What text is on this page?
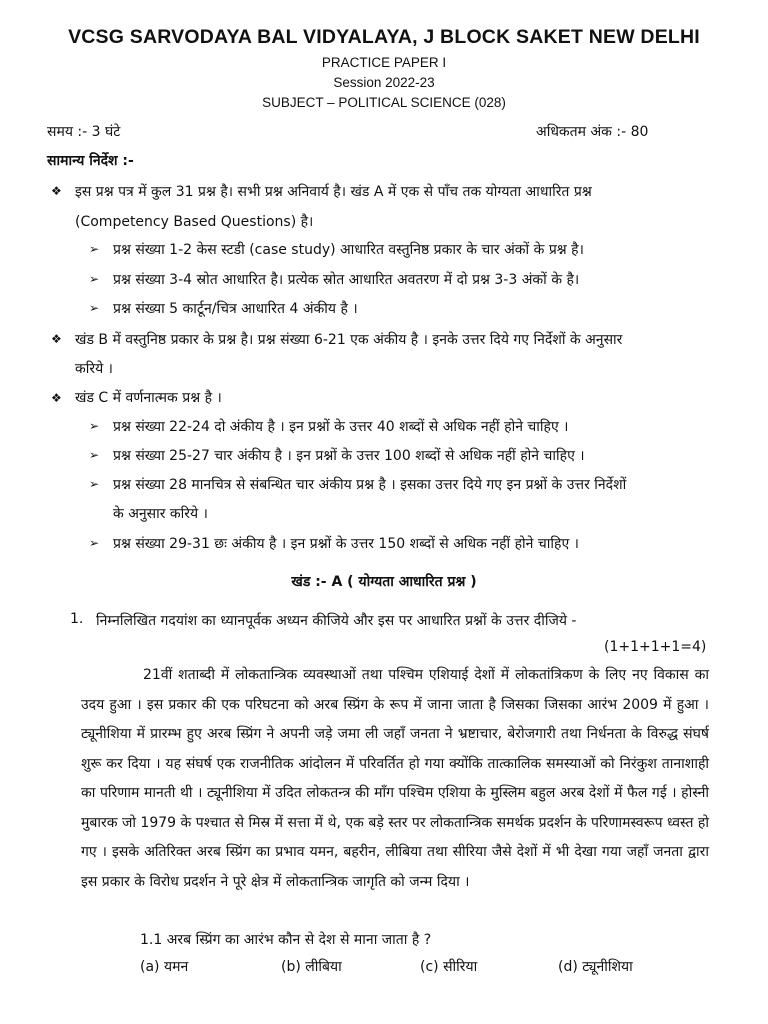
VCSG SARVODAYA BAL VIDYALAYA, J BLOCK SAKET NEW DELHI
PRACTICE PAPER I
Session 2022-23
SUBJECT – POLITICAL SCIENCE (028)
समय :- 3 घंटे	अधिकतम अंक :- 80
सामान्य निर्देश :-
❖ इस प्रश्न पत्र में कुल 31 प्रश्न है। सभी प्रश्न अनिवार्य है। खंड A में एक से पाँच तक योग्यता आधारित प्रश्न
(Competency Based Questions) है।
➢ प्रश्न संख्या 1-2 केस स्टडी (case study) आधारित वस्तुनिष्ठ प्रकार के चार अंकों के प्रश्न है।
➢ प्रश्न संख्या 3-4 स्रोत आधारित है। प्रत्येक स्रोत आधारित अवतरण में दो प्रश्न 3-3 अंकों के है।
➢ प्रश्न संख्या 5 कार्टून/चित्र आधारित 4 अंकीय है ।
❖ खंड B में वस्तुनिष्ठ प्रकार के प्रश्न है। प्रश्न संख्या 6-21 एक अंकीय है । इनके उत्तर दिये गए निर्देशों के अनुसार
करिये ।
❖ खंड C में वर्णनात्मक प्रश्न है ।
➢ प्रश्न संख्या 22-24 दो अंकीय है । इन प्रश्नों के उत्तर 40 शब्दों से अधिक नहीं होने चाहिए ।
➢ प्रश्न संख्या 25-27 चार अंकीय है । इन प्रश्नों के उत्तर 100 शब्दों से अधिक नहीं होने चाहिए ।
➢ प्रश्न संख्या 28 मानचित्र से संबन्धित चार अंकीय प्रश्न है । इसका उत्तर दिये गए इन प्रश्नों के उत्तर निर्देशों
के अनुसार करिये ।
➢ प्रश्न संख्या 29-31 छः अंकीय है । इन प्रश्नों के उत्तर 150 शब्दों से अधिक नहीं होने चाहिए ।
खंड :- A ( योग्यता आधारित प्रश्न )
1. निम्नलिखित गदयांश का ध्यानपूर्वक अध्यन कीजिये और इस पर आधारित प्रश्नों के उत्तर दीजिये -
(1+1+1+1=4)
21वीं शताब्दी में लोकतान्त्रिक व्यवस्थाओं तथा पश्चिम एशियाई देशों में लोकतांत्रिकण के लिए नए विकास का उदय हुआ । इस प्रकार की एक परिघटना को अरब स्प्रिंग के रूप में जाना जाता है जिसका जिसका आरंभ 2009 में हुआ । ट्यूनीशिया में प्रारम्भ हुए अरब स्प्रिंग ने अपनी जड़े जमा ली जहाँ जनता ने भ्रष्टाचार, बेरोजगारी तथा निर्धनता के विरुद्ध संघर्ष शुरू कर दिया । यह संघर्ष एक राजनीतिक आंदोलन में परिवर्तित हो गया क्योंकि तात्कालिक समस्याओं को निरंकुश तानाशाही का परिणाम मानती थी । ट्यूनीशिया में उदित लोकतन्त्र की माँग पश्चिम एशिया के मुस्लिम बहुल अरब देशों में फैल गई । होस्नी मुबारक जो 1979 के पश्चात से मिस्र में सत्ता में थे, एक बड़े स्तर पर लोकतान्त्रिक समर्थक प्रदर्शन के परिणामस्वरूप ध्वस्त हो गए । इसके अतिरिक्त अरब स्प्रिंग का प्रभाव यमन, बहरीन, लीबिया तथा सीरिया जैसे देशों में भी देखा गया जहाँ जनता द्वारा इस प्रकार के विरोध प्रदर्शन ने पूरे क्षेत्र में लोकतान्त्रिक जागृति को जन्म दिया ।
1.1 अरब स्प्रिंग का आरंभ कौन से देश से माना जाता है ?
(a) यमन	(b) लीबिया	(c) सीरिया	(d) ट्यूनीशिया
